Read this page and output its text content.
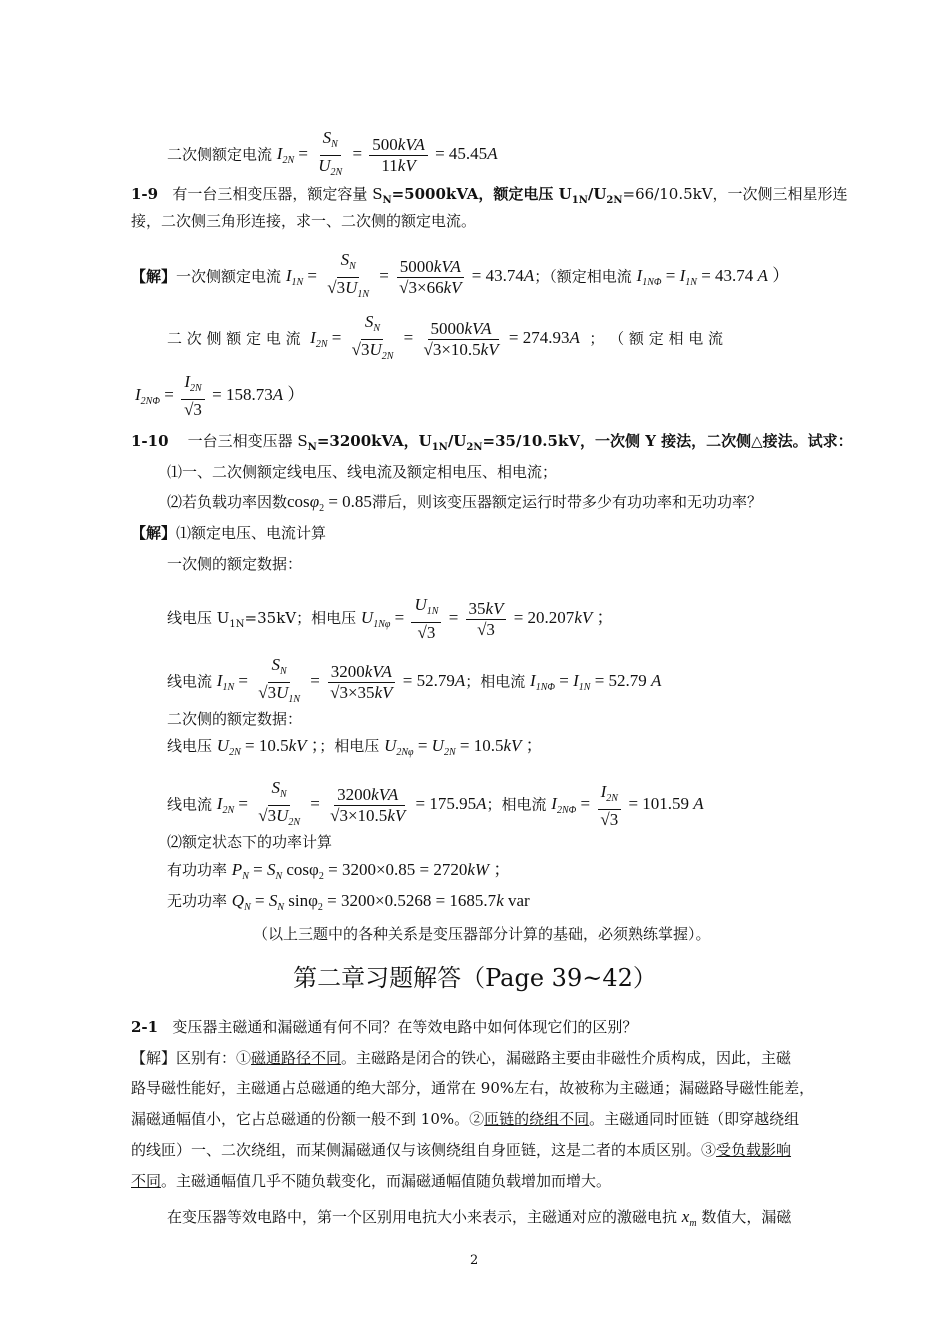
二次侧额定电流 $I_{2N} = \frac{S_N}{U_{2N}} = \frac{\text{500kVA}}{11kV} = 45.45A$
1-9 有一台三相变压器，额定容量 $S_N=5000kVA$，额定电压 $U_{1N}/U_{2N}=66/10.5kV$，一次侧三相星形连
接，二次侧三角形连接，求一、二次侧的额定电流。
【解】一次侧额定电流 $I_{1N} = \frac{S_N}{√3U_{1N}} = \frac{\text{5000kVA}}{√3\times 66kV} = 43.74A$；（额定相电流 $I_{1N\Phi} = I_{1N} = 43.74$ A ）
二 次 侧 额 定 电 流 $I_{2N} = \frac{S_N}{√3U_{2N}} = \frac{\text{5000kVA}}{√3\times 10.5kV} = 274.93A$ ； （ 额 定 相 电 流
$I_{2N\Phi} = \frac{I_{2N}}{√3} = 158.73A$ ）
1-10 一台三相变压器 $S_N=3200kVA$，$U_{1N}/U_{2N}=35/10.5kV$，一次侧 Y 接法，二次侧△接法。试求：
⑴一、二次侧额定线电压、线电流及额定相电压、相电流；
⑵若负载功率因数cosφ$_2$ = 0.85滞后，则该变压器额定运行时带多少有功功率和无功功率？
【解】⑴额定电压、电流计算
一次侧的额定数据：
线电压 $U_{1N}=35kV$；相电压 $U_{1N\varphi} = \frac{U_{1N}}{√3} = \frac{35kV}{√3} = 20.207kV$ ；
线电流 $I_{1N} = \frac{S_N}{√3U_{1N}} = \frac{\text{3200kVA}}{√3\times 35kV} = 52.79A$；相电流 $I_{1N\Phi} = I_{1N} = 52.79$ A
二次侧的额定数据：
线电压 $U_{2N} = 10.5kV$ ；；相电压 $U_{2N\varphi} = U_{2N} = 10.5kV$ ；
线电流 $I_{2N} = \frac{S_N}{√3U_{2N}} = \frac{\text{3200kVA}}{√3\times 10.5kV} = 175.95A$；相电流 $I_{2N\Phi} = \frac{I_{2N}}{√3} = 101.59$ A
⑵额定状态下的功率计算
有功功率 $P_N = S_N$ cosφ$_2$ = 3200×0.85 = 2720kW ；
无功功率 $Q_N = S_N$ sinφ$_2$ = 3200×0.5268 = 1685.7k var
（以上三题中的各种关系是变压器部分计算的基础，必须熟练掌握）。
第二章习题解答（Page 39~42）
2-1 变压器主磁通和漏磁通有何不同？在等效电路中如何体现它们的区别？
【解】区别有：①磁通路径不同。主磁路是闭合的铁心，漏磁路主要由非磁性介质构成，因此，主磁
路导磁性能好，主磁通占总磁通的绝大部分，通常在 90%左右，故被称为主磁通；漏磁路导磁性能差，
漏磁通幅值小，它占总磁通的份额一般不到 10%。②匝链的绕组不同。主磁通同时匝链（即穿越绕组
的线匝）一、二次绕组，而某侧漏磁通仅与该侧绕组自身匝链，这是二者的本质区别。③受负载影响
不同。主磁通幅值几乎不随负载变化，而漏磁通幅值随负载增加而增大。
在变压器等效电路中，第一个区别用电抗大小来表示，主磁通对应的激磁电抗 $x_m$ 数值大，漏磁
2
